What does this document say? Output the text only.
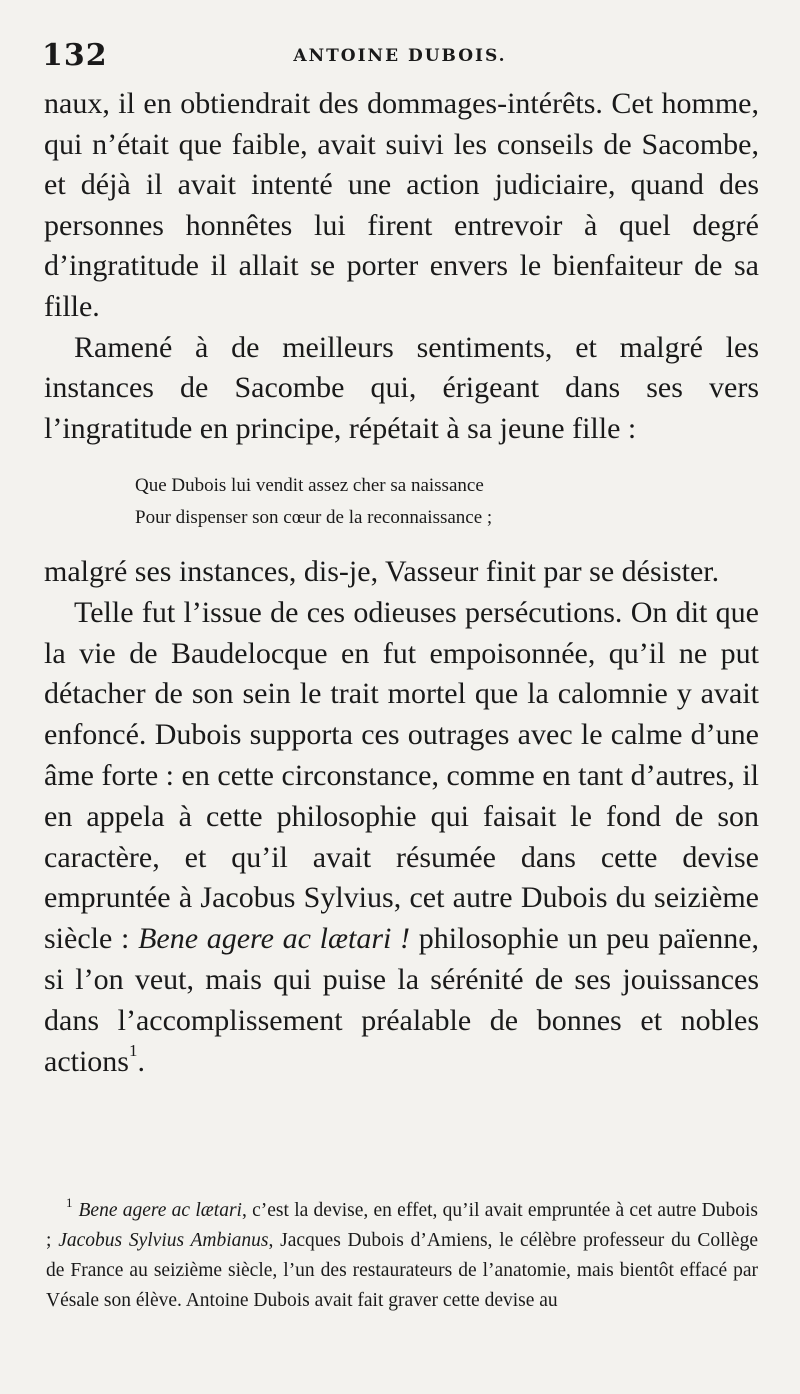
132	ANTOINE DUBOIS.

naux, il en obtiendrait des dommages-intérêts. Cet homme, qui n’était que faible, avait suivi les conseils de Sacombe, et déjà il avait intenté une action judiciaire, quand des personnes honnêtes lui firent entrevoir à quel degré d’ingratitude il allait se porter envers le bienfaiteur de sa fille.

Ramené à de meilleurs sentiments, et malgré les instances de Sacombe qui, érigeant dans ses vers l’ingratitude en principe, répétait à sa jeune fille :

Que Dubois lui vendit assez cher sa naissance
Pour dispenser son cœur de la reconnaissance ;

malgré ses instances, dis-je, Vasseur finit par se désister.

Telle fut l’issue de ces odieuses persécutions. On dit que la vie de Baudelocque en fut empoisonnée, qu’il ne put détacher de son sein le trait mortel que la calomnie y avait enfoncé. Dubois supporta ces outrages avec le calme d’une âme forte : en cette circonstance, comme en tant d’autres, il en appela à cette philosophie qui faisait le fond de son caractère, et qu’il avait résumée dans cette devise empruntée à Jacobus Sylvius, cet autre Dubois du seizième siècle : Bene agere ac lætari ! philosophie un peu païenne, si l’on veut, mais qui puise la sérénité de ses jouissances dans l’accomplissement préalable de bonnes et nobles actions$^1$.

$^1$ Bene agere ac lætari, c’est la devise, en effet, qu’il avait empruntée à cet autre Dubois ; Jacobus Sylvius Ambianus, Jacques Dubois d’Amiens, le célèbre professeur du Collège de France au seizième siècle, l’un des restaurateurs de l’anatomie, mais bientôt effacé par Vésale son élève. Antoine Dubois avait fait graver cette devise au
